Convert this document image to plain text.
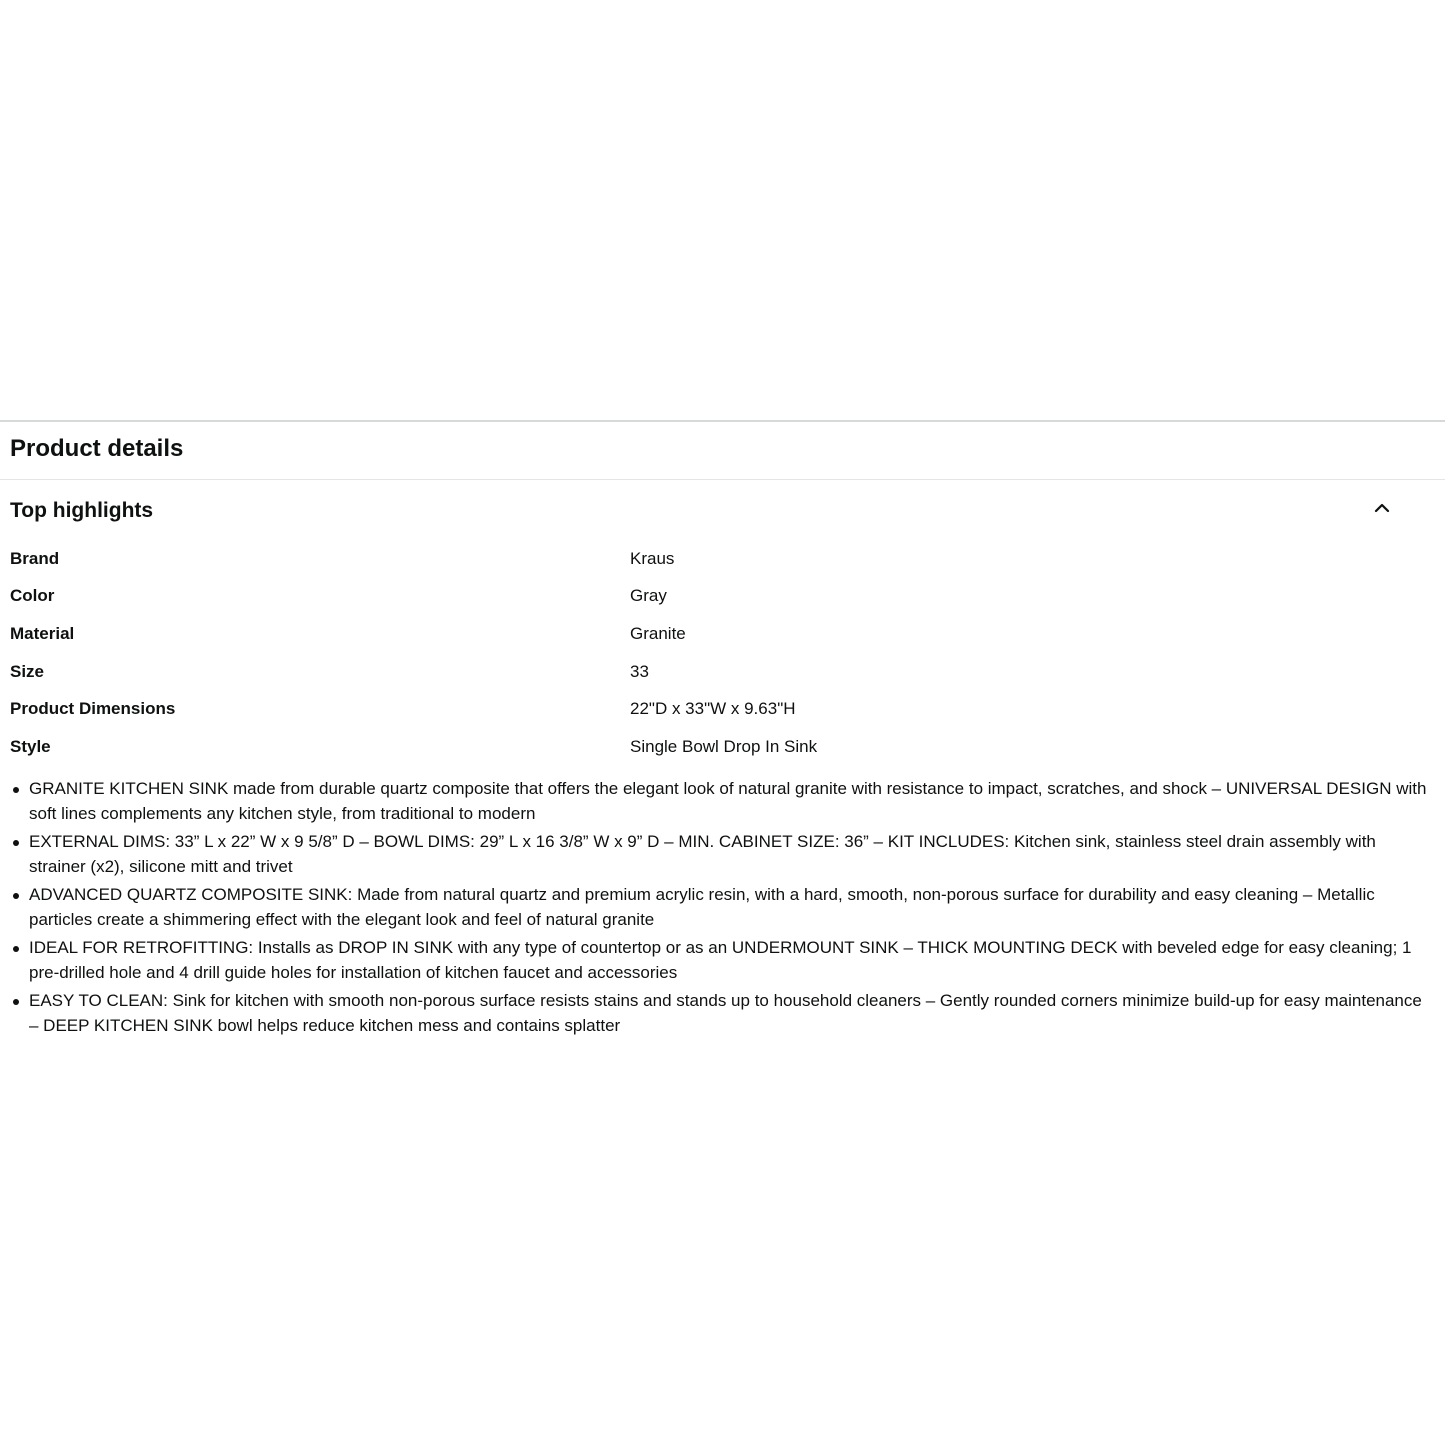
Product details
Top highlights
Brand	Kraus
Color	Gray
Material	Granite
Size	33
Product Dimensions	22"D x 33"W x 9.63"H
Style	Single Bowl Drop In Sink
GRANITE KITCHEN SINK made from durable quartz composite that offers the elegant look of natural granite with resistance to impact, scratches, and shock – UNIVERSAL DESIGN with soft lines complements any kitchen style, from traditional to modern
EXTERNAL DIMS: 33” L x 22” W x 9 5/8” D – BOWL DIMS: 29” L x 16 3/8” W x 9” D – MIN. CABINET SIZE: 36” – KIT INCLUDES: Kitchen sink, stainless steel drain assembly with strainer (x2), silicone mitt and trivet
ADVANCED QUARTZ COMPOSITE SINK: Made from natural quartz and premium acrylic resin, with a hard, smooth, non-porous surface for durability and easy cleaning – Metallic particles create a shimmering effect with the elegant look and feel of natural granite
IDEAL FOR RETROFITTING: Installs as DROP IN SINK with any type of countertop or as an UNDERMOUNT SINK – THICK MOUNTING DECK with beveled edge for easy cleaning; 1 pre-drilled hole and 4 drill guide holes for installation of kitchen faucet and accessories
EASY TO CLEAN: Sink for kitchen with smooth non-porous surface resists stains and stands up to household cleaners – Gently rounded corners minimize build-up for easy maintenance – DEEP KITCHEN SINK bowl helps reduce kitchen mess and contains splatter
